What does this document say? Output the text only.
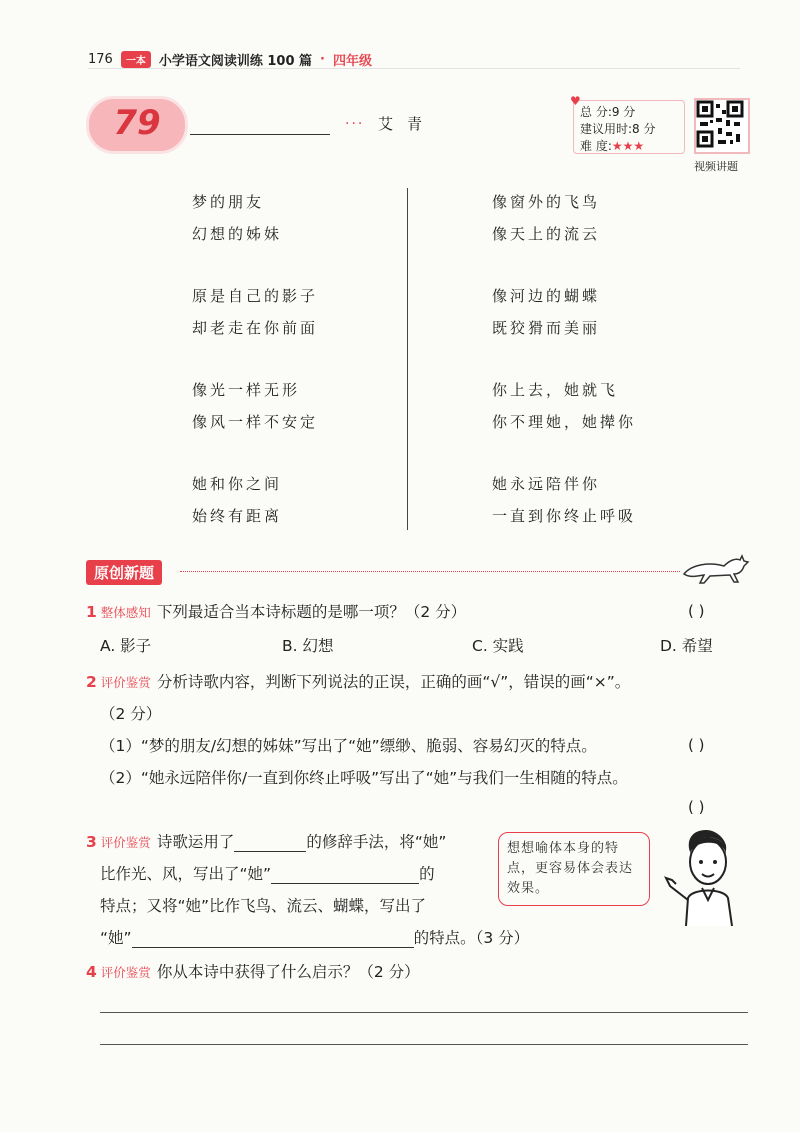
176	一本	小学语文阅读训练 100 篇 · 四年级
79	··· 艾青
♥
总 分:9 分
建议用时:8 分
难 度:★★★
视频讲题
梦的朋友
幻想的姊妹
原是自己的影子
却老走在你前面
像光一样无形
像风一样不安定
她和你之间
始终有距离
像窗外的飞鸟
像天上的流云
像河边的蝴蝶
既狡猾而美丽
你上去，她就飞
你不理她，她撵你
她永远陪伴你
一直到你终止呼吸
原创新题
1 整体感知 下列最适合当本诗标题的是哪一项？（2 分）	( )
A. 影子	B. 幻想	C. 实践	D. 希望
2 评价鉴赏 分析诗歌内容，判断下列说法的正误，正确的画“√”，错误的画“×”。
（2 分）
（1）“梦的朋友/幻想的姊妹”写出了“她”缥缈、脆弱、容易幻灭的特点。	( )
（2）“她永远陪伴你/一直到你终止呼吸”写出了“她”与我们一生相随的特点。
( )
3 评价鉴赏 诗歌运用了	的修辞手法，将“她”
比作光、风，写出了“她”	的
特点；又将“她”比作飞鸟、流云、蝴蝶，写出了
“她”	的特点。（3 分）
想想喻体本身的特点，更容易体会表达效果。
4 评价鉴赏 你从本诗中获得了什么启示？（2 分）
